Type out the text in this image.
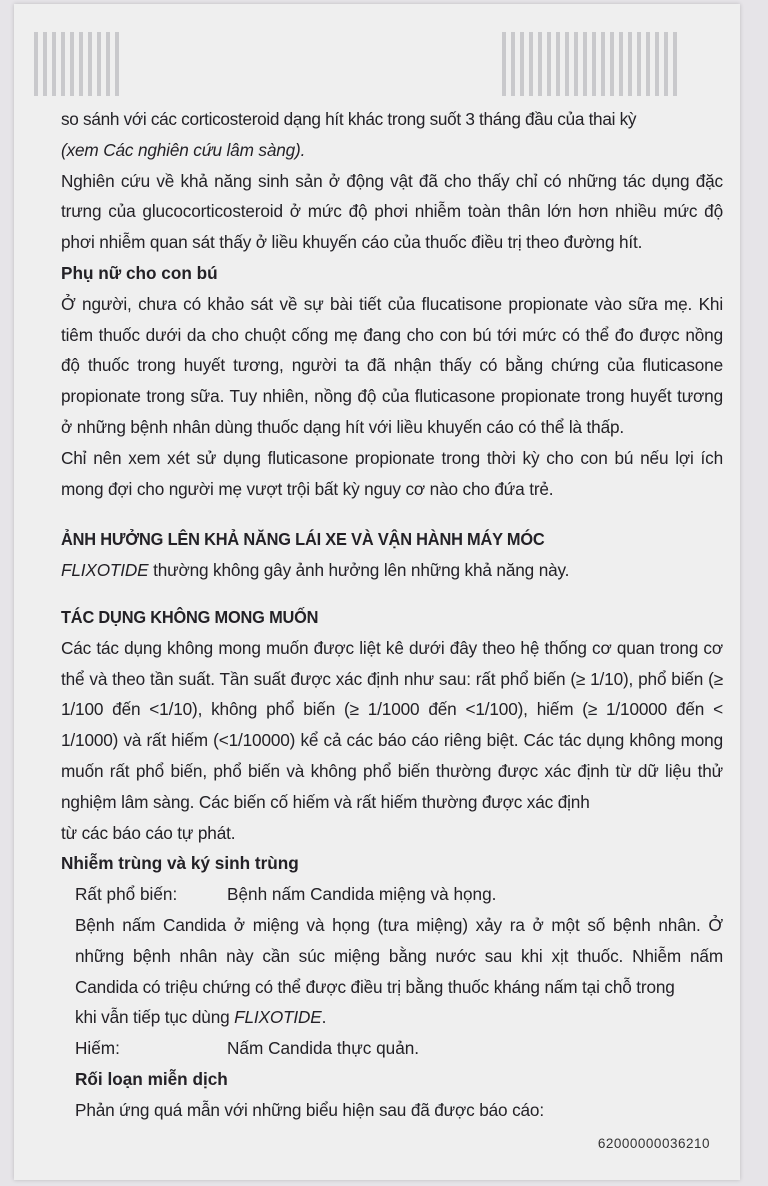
so sánh với các corticosteroid dạng hít khác trong suốt 3 tháng đầu của thai kỳ

(xem Các nghiên cứu lâm sàng).

Nghiên cứu về khả năng sinh sản ở động vật đã cho thấy chỉ có những tác dụng đặc trưng của glucocorticosteroid ở mức độ phơi nhiễm toàn thân lớn hơn nhiều mức độ phơi nhiễm quan sát thấy ở liều khuyến cáo của thuốc điều trị theo đường hít.

Phụ nữ cho con bú

Ở người, chưa có khảo sát về sự bài tiết của flucatisone propionate vào sữa mẹ. Khi tiêm thuốc dưới da cho chuột cống mẹ đang cho con bú tới mức có thể đo được nồng độ thuốc trong huyết tương, người ta đã nhận thấy có bằng chứng của fluticasone propionate trong sữa. Tuy nhiên, nồng độ của fluticasone propionate trong huyết tương ở những bệnh nhân dùng thuốc dạng hít với liều khuyến cáo có thể là thấp.

Chỉ nên xem xét sử dụng fluticasone propionate trong thời kỳ cho con bú nếu lợi ích mong đợi cho người mẹ vượt trội bất kỳ nguy cơ nào cho đứa trẻ.

ẢNH HƯỞNG LÊN KHẢ NĂNG LÁI XE VÀ VẬN HÀNH MÁY MÓC

FLIXOTIDE thường không gây ảnh hưởng lên những khả năng này.

TÁC DỤNG KHÔNG MONG MUỐN

Các tác dụng không mong muốn được liệt kê dưới đây theo hệ thống cơ quan trong cơ thể và theo tần suất. Tần suất được xác định như sau: rất phổ biến (≥ 1/10), phổ biến (≥ 1/100 đến <1/10), không phổ biến (≥ 1/1000 đến <1/100), hiếm (≥ 1/10000 đến < 1/1000) và rất hiếm (<1/10000) kể cả các báo cáo riêng biệt. Các tác dụng không mong muốn rất phổ biến, phổ biến và không phổ biến thường được xác định từ dữ liệu thử nghiệm lâm sàng. Các biến cố hiếm và rất hiếm thường được xác định

từ các báo cáo tự phát.

Nhiễm trùng và ký sinh trùng

Rất phổ biến:	Bệnh nấm Candida miệng và họng.

Bệnh nấm Candida ở miệng và họng (tưa miệng) xảy ra ở một số bệnh nhân. Ở những bệnh nhân này cần súc miệng bằng nước sau khi xịt thuốc. Nhiễm nấm Candida có triệu chứng có thể được điều trị bằng thuốc kháng nấm tại chỗ trong

khi vẫn tiếp tục dùng FLIXOTIDE.

Hiếm:	Nấm Candida thực quản.

Rối loạn miễn dịch

Phản ứng quá mẫn với những biểu hiện sau đã được báo cáo:

62000000036210
